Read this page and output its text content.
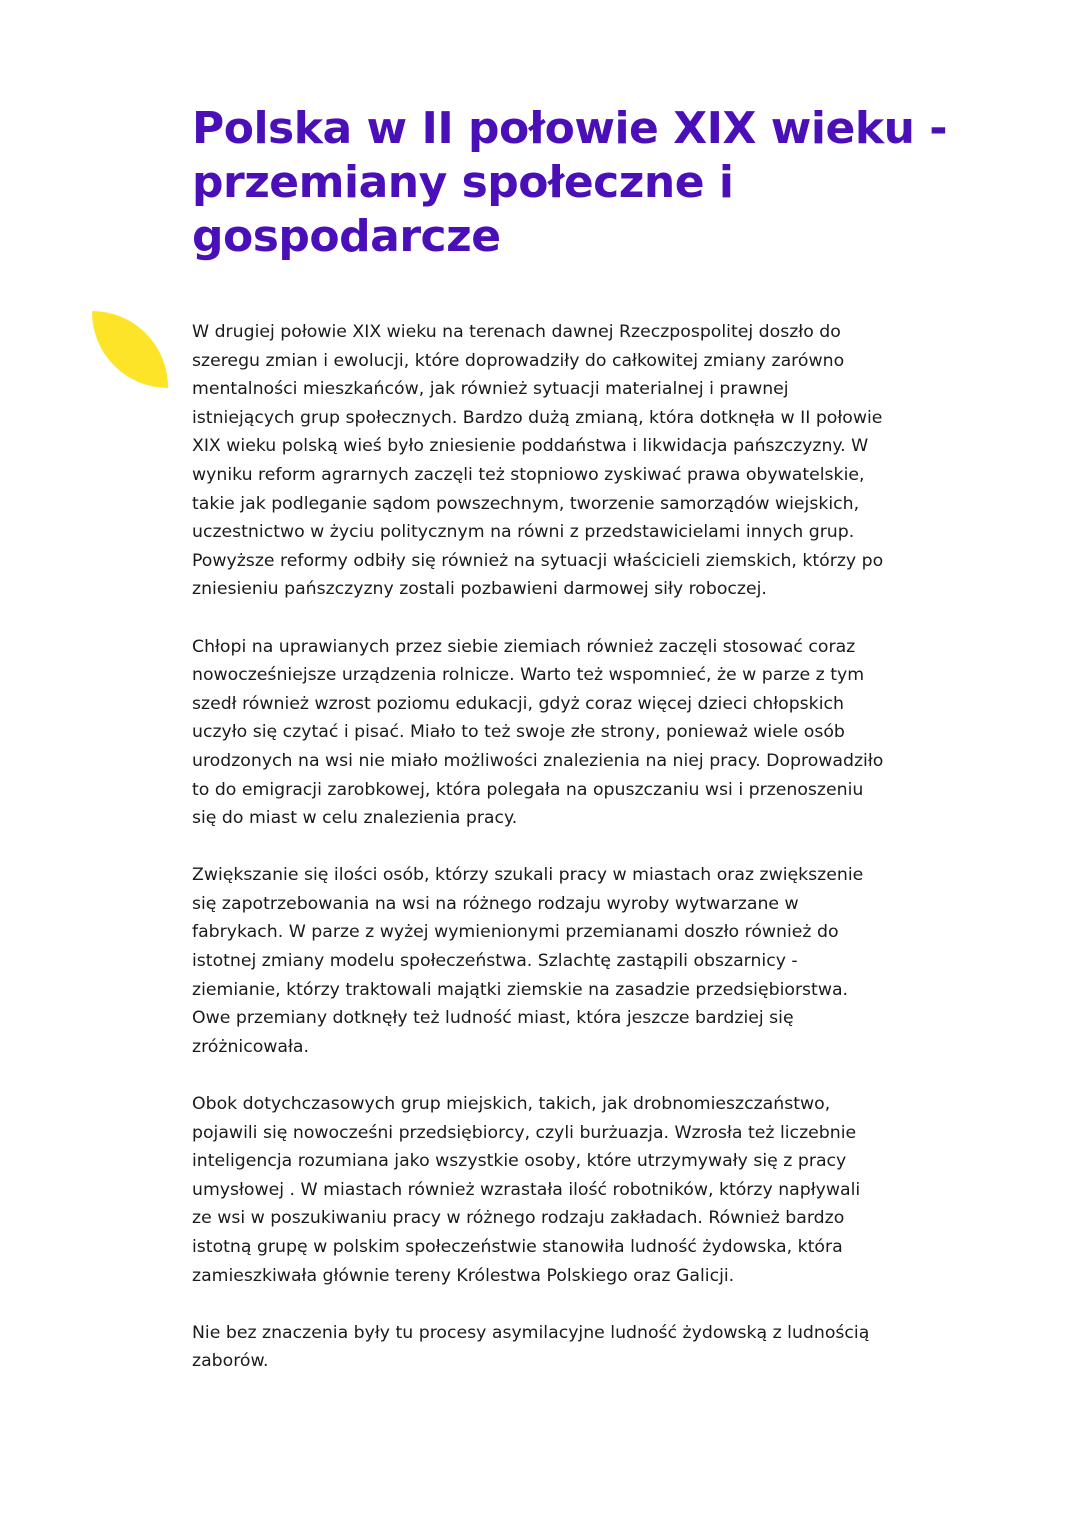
Polska w II połowie XIX wieku -
przemiany społeczne i
gospodarcze

W drugiej połowie XIX wieku na terenach dawnej Rzeczpospolitej doszło do
szeregu zmian i ewolucji, które doprowadziły do całkowitej zmiany zarówno
mentalności mieszkańców, jak również sytuacji materialnej i prawnej
istniejących grup społecznych. Bardzo dużą zmianą, która dotknęła w II połowie
XIX wieku polską wieś było zniesienie poddaństwa i likwidacja pańszczyzny. W
wyniku reform agrarnych zaczęli też stopniowo zyskiwać prawa obywatelskie,
takie jak podleganie sądom powszechnym, tworzenie samorządów wiejskich,
uczestnictwo w życiu politycznym na równi z przedstawicielami innych grup.
Powyższe reformy odbiły się również na sytuacji właścicieli ziemskich, którzy po
zniesieniu pańszczyzny zostali pozbawieni darmowej siły roboczej.

Chłopi na uprawianych przez siebie ziemiach również zaczęli stosować coraz
nowocześniejsze urządzenia rolnicze. Warto też wspomnieć, że w parze z tym
szedł również wzrost poziomu edukacji, gdyż coraz więcej dzieci chłopskich
uczyło się czytać i pisać. Miało to też swoje złe strony, ponieważ wiele osób
urodzonych na wsi nie miało możliwości znalezienia na niej pracy. Doprowadziło
to do emigracji zarobkowej, która polegała na opuszczaniu wsi i przenoszeniu
się do miast w celu znalezienia pracy.

Zwiększanie się ilości osób, którzy szukali pracy w miastach oraz zwiększenie
się zapotrzebowania na wsi na różnego rodzaju wyroby wytwarzane w
fabrykach. W parze z wyżej wymienionymi przemianami doszło również do
istotnej zmiany modelu społeczeństwa. Szlachtę zastąpili obszarnicy -
ziemianie, którzy traktowali majątki ziemskie na zasadzie przedsiębiorstwa.
Owe przemiany dotknęły też ludność miast, która jeszcze bardziej się
zróżnicowała.

Obok dotychczasowych grup miejskich, takich, jak drobnomieszczaństwo,
pojawili się nowocześni przedsiębiorcy, czyli burżuazja. Wzrosła też liczebnie
inteligencja rozumiana jako wszystkie osoby, które utrzymywały się z pracy
umysłowej . W miastach również wzrastała ilość robotników, którzy napływali
ze wsi w poszukiwaniu pracy w różnego rodzaju zakładach. Również bardzo
istotną grupę w polskim społeczeństwie stanowiła ludność żydowska, która
zamieszkiwała głównie tereny Królestwa Polskiego oraz Galicji.

Nie bez znaczenia były tu procesy asymilacyjne ludność żydowską z ludnością
zaborów.
